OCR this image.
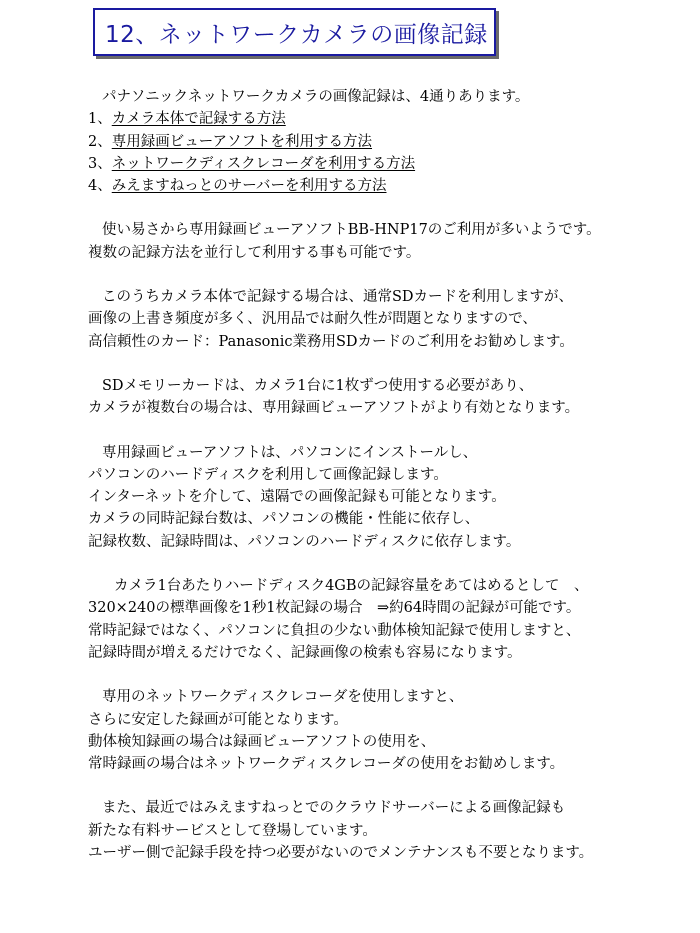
12、ネットワークカメラの画像記録
パナソニックネットワークカメラの画像記録は、4通りあります。
1、カメラ本体で記録する方法
2、専用録画ビューアソフトを利用する方法
3、ネットワークディスクレコーダを利用する方法
4、みえますねっとのサーバーを利用する方法
使い易さから専用録画ビューアソフトBB-HNP17のご利用が多いようです。
複数の記録方法を並行して利用する事も可能です。
このうちカメラ本体で記録する場合は、通常SDカードを利用しますが、
画像の上書き頻度が多く、汎用品では耐久性が問題となりますので、
高信頼性のカード：Panasonic業務用SDカードのご利用をお勧めします。
SDメモリーカードは、カメラ1台に1枚ずつ使用する必要があり、
カメラが複数台の場合は、専用録画ビューアソフトがより有効となります。
専用録画ビューアソフトは、パソコンにインストールし、
パソコンのハードディスクを利用して画像記録します。
インターネットを介して、遠隔での画像記録も可能となります。
カメラの同時記録台数は、パソコンの機能・性能に依存し、
記録枚数、記録時間は、パソコンのハードディスクに依存します。
カメラ1台あたりハードディスク4GBの記録容量をあてはめるとして　、
320×240の標準画像を1秒1枚記録の場合　⇒約64時間の記録が可能です。
常時記録ではなく、パソコンに負担の少ない動体検知記録で使用しますと、
記録時間が増えるだけでなく、記録画像の検索も容易になります。
専用のネットワークディスクレコーダを使用しますと、
さらに安定した録画が可能となります。
動体検知録画の場合は録画ビューアソフトの使用を、
常時録画の場合はネットワークディスクレコーダの使用をお勧めします。
また、最近ではみえますねっとでのクラウドサーバーによる画像記録も
新たな有料サービスとして登場しています。
ユーザー側で記録手段を持つ必要がないのでメンテナンスも不要となります。
